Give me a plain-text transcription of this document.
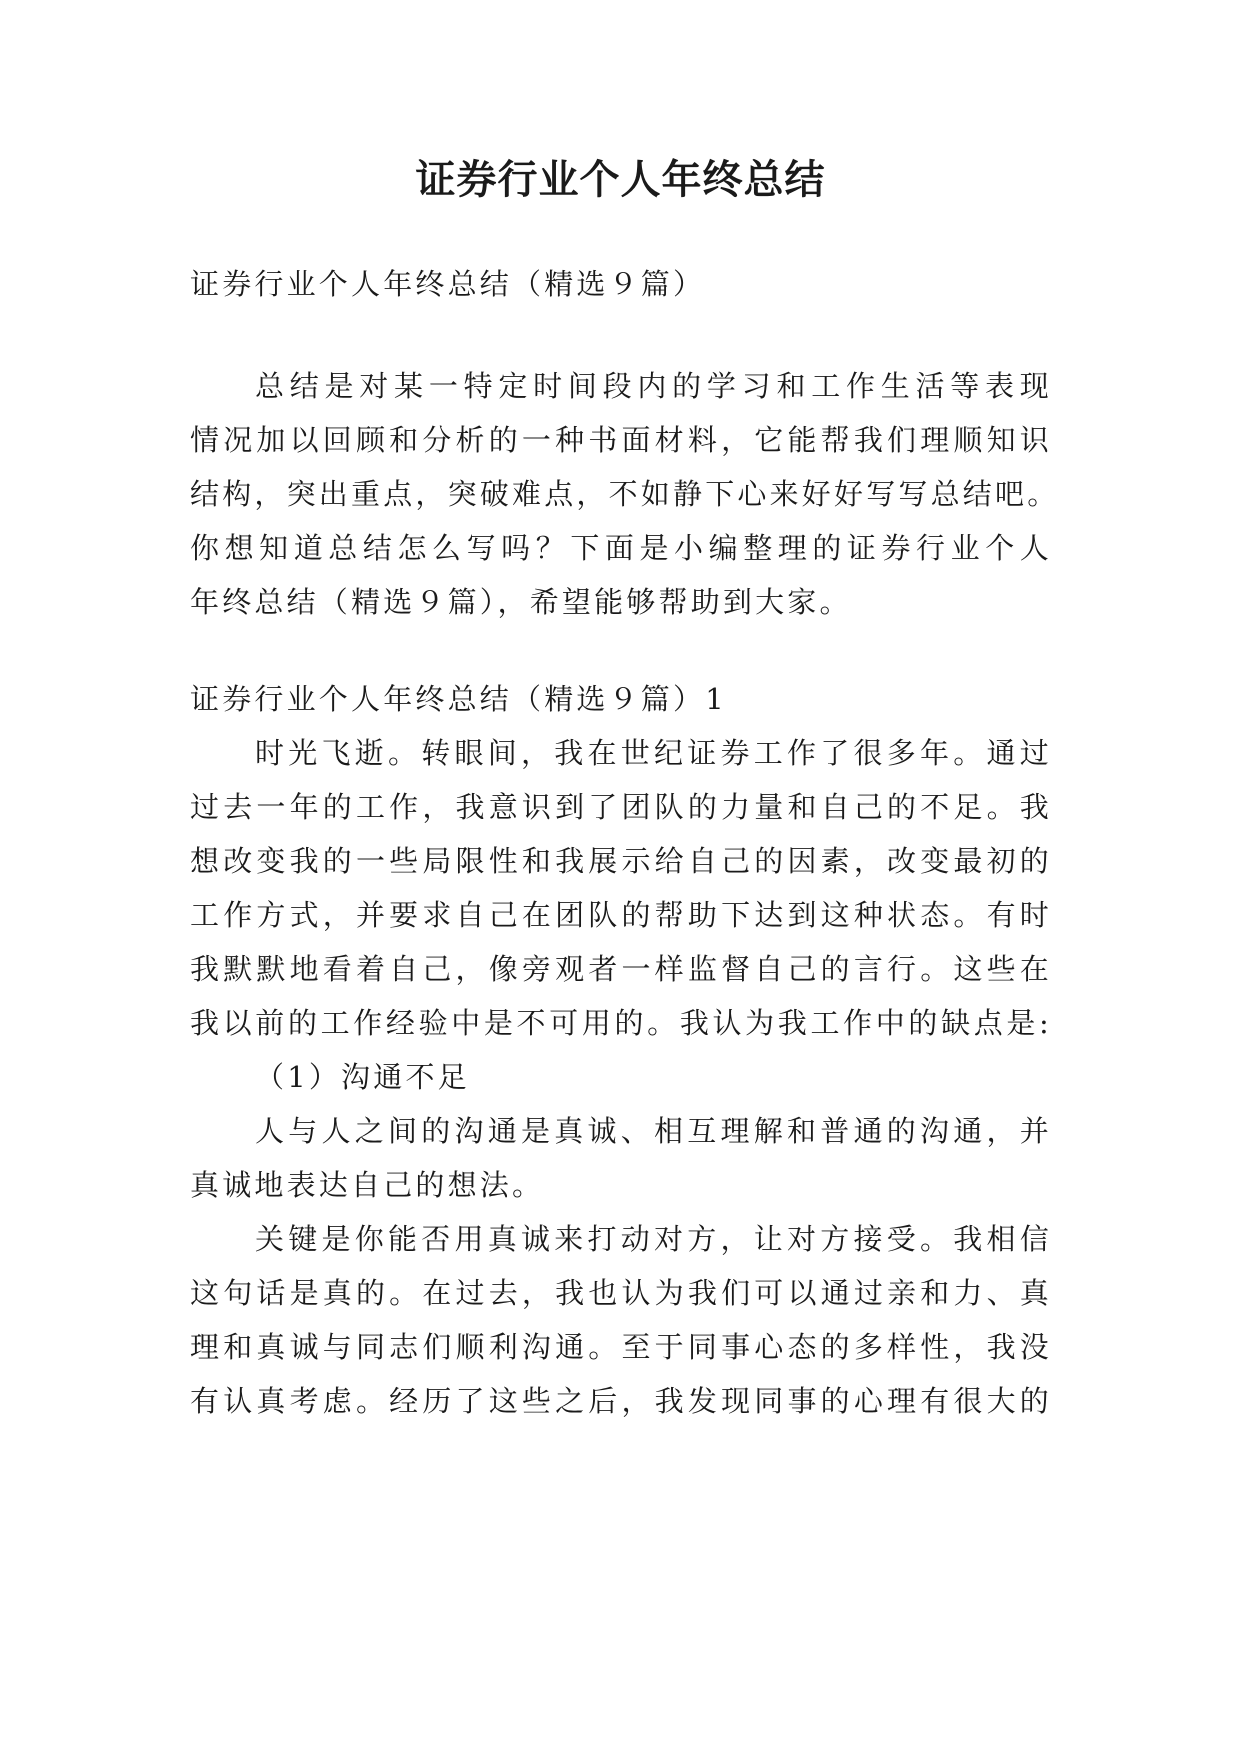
证券行业个人年终总结
证券行业个人年终总结（精选９篇）
总结是对某一特定时间段内的学习和工作生活等表现
情况加以回顾和分析的一种书面材料，它能帮我们理顺知识
结构，突出重点，突破难点，不如静下心来好好写写总结吧。
你想知道总结怎么写吗？下面是小编整理的证券行业个人
年终总结（精选９篇），希望能够帮助到大家。
证券行业个人年终总结（精选９篇）1
时光飞逝。转眼间，我在世纪证券工作了很多年。通过
过去一年的工作，我意识到了团队的力量和自己的不足。我
想改变我的一些局限性和我展示给自己的因素，改变最初的
工作方式，并要求自己在团队的帮助下达到这种状态。有时
我默默地看着自己，像旁观者一样监督自己的言行。这些在
我以前的工作经验中是不可用的。我认为我工作中的缺点是:
（1）沟通不足
人与人之间的沟通是真诚、相互理解和普通的沟通，并
真诚地表达自己的想法。
关键是你能否用真诚来打动对方，让对方接受。我相信
这句话是真的。在过去，我也认为我们可以通过亲和力、真
理和真诚与同志们顺利沟通。至于同事心态的多样性，我没
有认真考虑。经历了这些之后，我发现同事的心理有很大的
